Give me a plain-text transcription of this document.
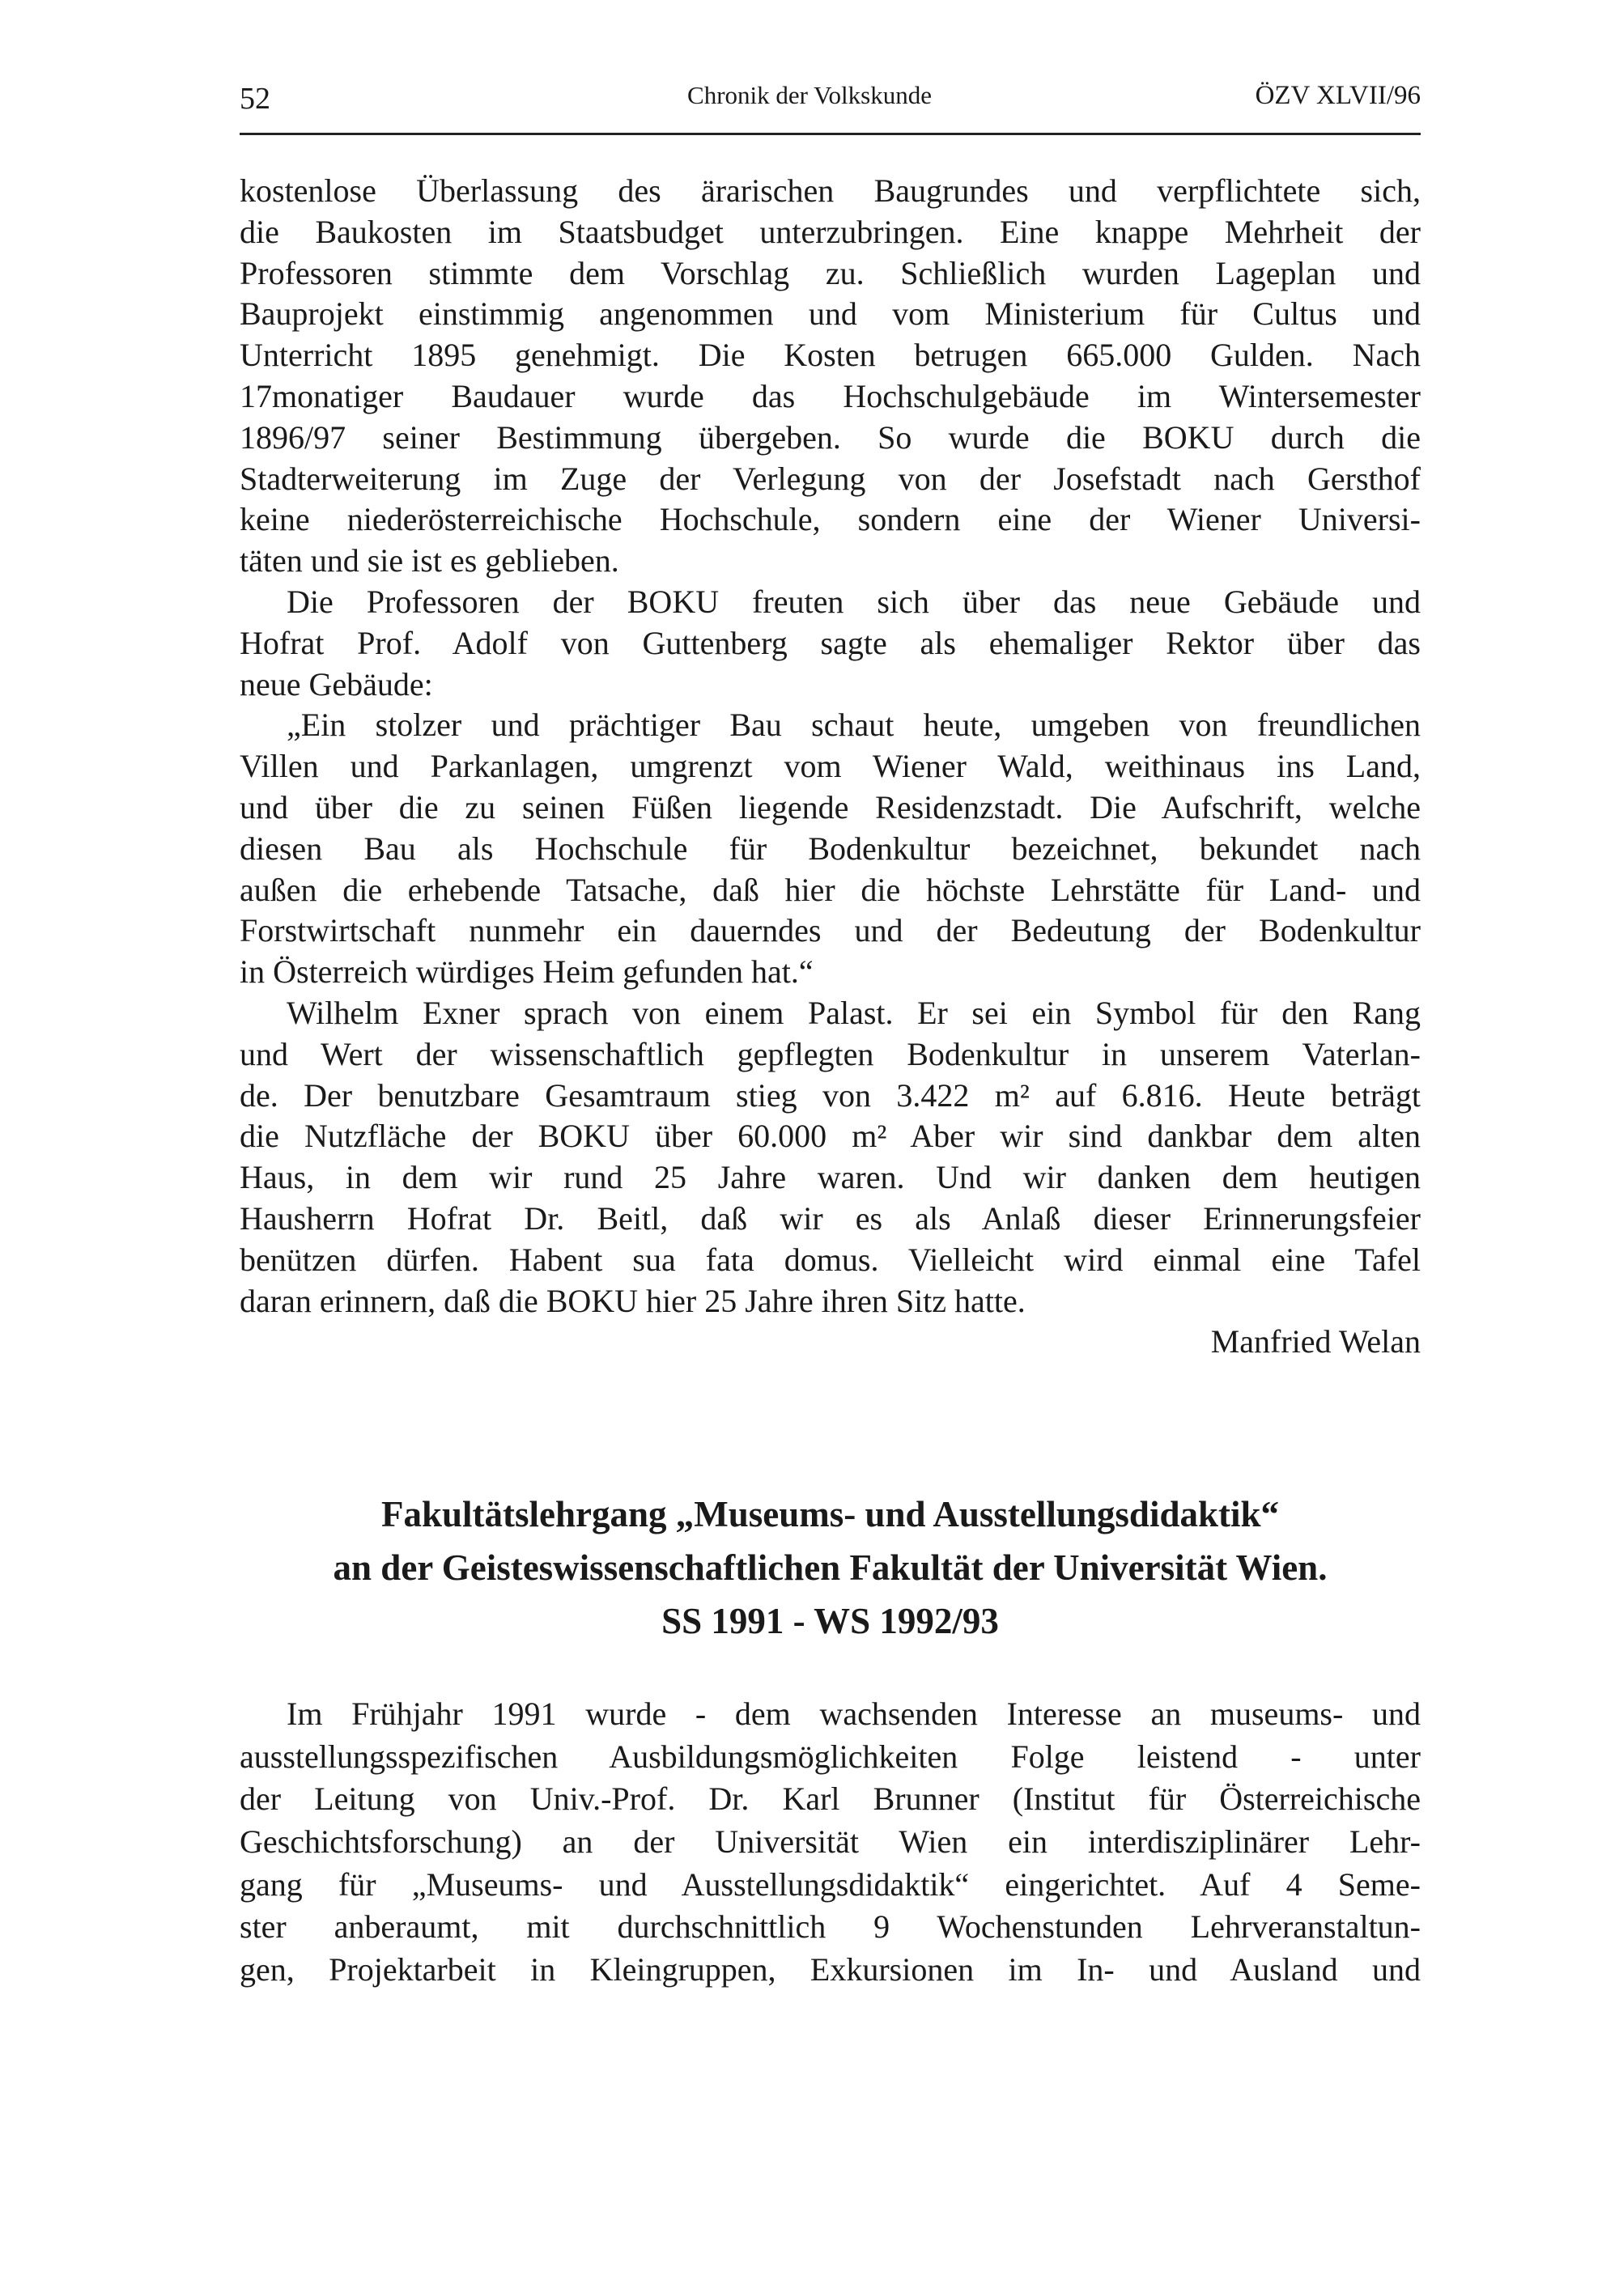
52	Chronik der Volkskunde	ÖZV XLVII/96
kostenlose Überlassung des ärarischen Baugrundes und verpflichtete sich,
die Baukosten im Staatsbudget unterzubringen. Eine knappe Mehrheit der
Professoren stimmte dem Vorschlag zu. Schließlich wurden Lageplan und
Bauprojekt einstimmig angenommen und vom Ministerium für Cultus und
Unterricht 1895 genehmigt. Die Kosten betrugen 665.000 Gulden. Nach
17monatiger Baudauer wurde das Hochschulgebäude im Wintersemester
1896/97 seiner Bestimmung übergeben. So wurde die BOKU durch die
Stadterweiterung im Zuge der Verlegung von der Josefstadt nach Gersthof
keine niederösterreichische Hochschule, sondern eine der Wiener Universi-
täten und sie ist es geblieben.
Die Professoren der BOKU freuten sich über das neue Gebäude und
Hofrat Prof. Adolf von Guttenberg sagte als ehemaliger Rektor über das
neue Gebäude:
„Ein stolzer und prächtiger Bau schaut heute, umgeben von freundlichen
Villen und Parkanlagen, umgrenzt vom Wiener Wald, weithinaus ins Land,
und über die zu seinen Füßen liegende Residenzstadt. Die Aufschrift, welche
diesen Bau als Hochschule für Bodenkultur bezeichnet, bekundet nach
außen die erhebende Tatsache, daß hier die höchste Lehrstätte für Land- und
Forstwirtschaft nunmehr ein dauerndes und der Bedeutung der Bodenkultur
in Österreich würdiges Heim gefunden hat.“
Wilhelm Exner sprach von einem Palast. Er sei ein Symbol für den Rang
und Wert der wissenschaftlich gepflegten Bodenkultur in unserem Vaterlan-
de. Der benutzbare Gesamtraum stieg von 3.422 m² auf 6.816. Heute beträgt
die Nutzfläche der BOKU über 60.000 m² Aber wir sind dankbar dem alten
Haus, in dem wir rund 25 Jahre waren. Und wir danken dem heutigen
Hausherrn Hofrat Dr. Beitl, daß wir es als Anlaß dieser Erinnerungsfeier
benützen dürfen. Habent sua fata domus. Vielleicht wird einmal eine Tafel
daran erinnern, daß die BOKU hier 25 Jahre ihren Sitz hatte.
Manfried Welan
Fakultätslehrgang „Museums- und Ausstellungsdidaktik“
an der Geisteswissenschaftlichen Fakultät der Universität Wien.
SS 1991 - WS 1992/93
Im Frühjahr 1991 wurde - dem wachsenden Interesse an museums- und
ausstellungsspezifischen Ausbildungsmöglichkeiten Folge leistend - unter
der Leitung von Univ.-Prof. Dr. Karl Brunner (Institut für Österreichische
Geschichtsforschung) an der Universität Wien ein interdisziplinärer Lehr-
gang für „Museums- und Ausstellungsdidaktik“ eingerichtet. Auf 4 Seme-
ster anberaumt, mit durchschnittlich 9 Wochenstunden Lehrveranstaltun-
gen, Projektarbeit in Kleingruppen, Exkursionen im In- und Ausland und
